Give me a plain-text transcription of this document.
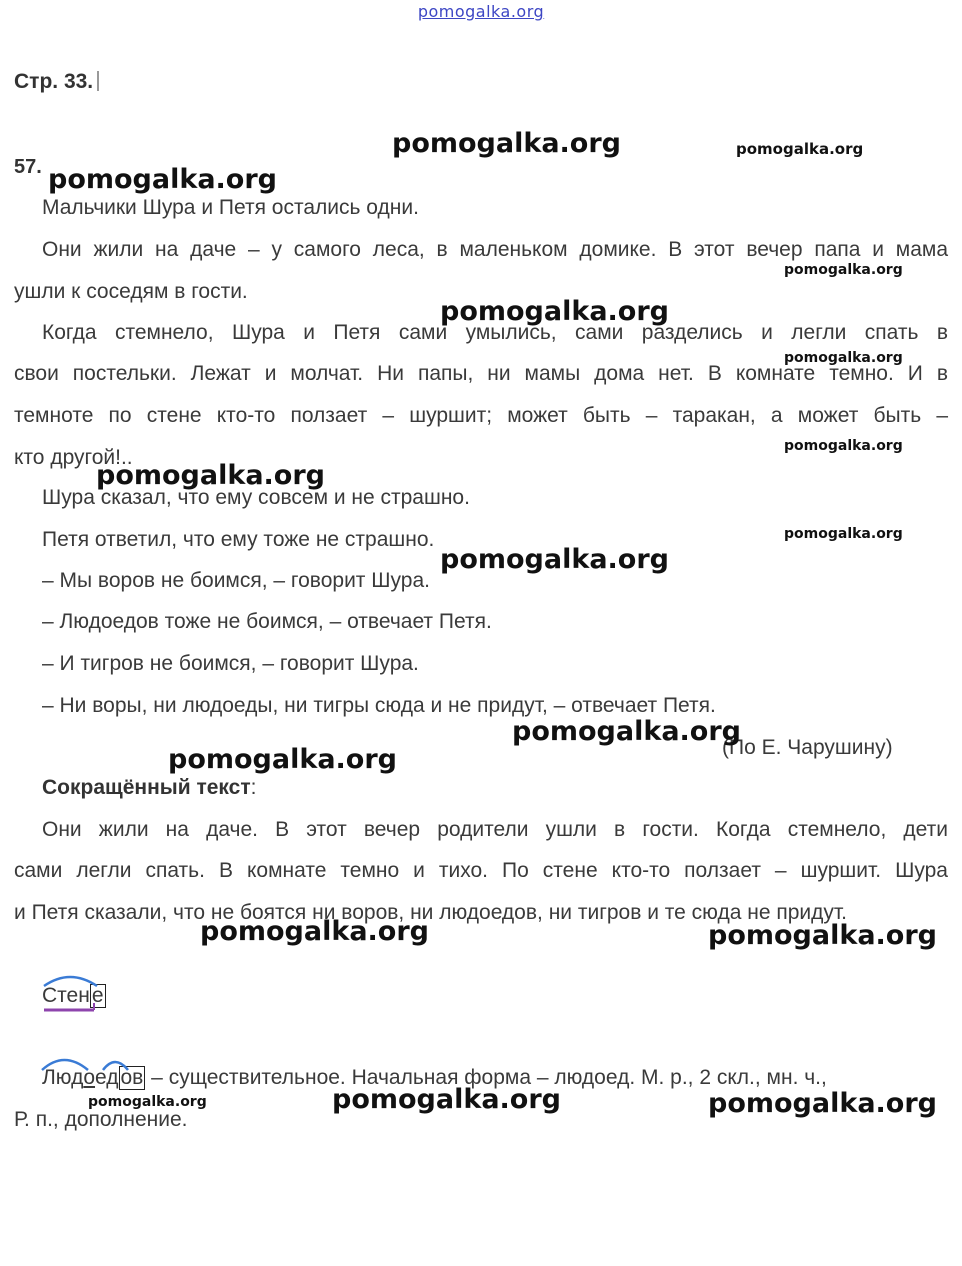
pomogalka.org
Стр. 33.
57.
Мальчики Шура и Петя остались одни.
Они жили на даче – у самого леса, в маленьком домике. В этот вечер папа и мама
ушли к соседям в гости.
Когда стемнело, Шура и Петя сами умылись, сами разделись и легли спать в
свои постельки. Лежат и молчат. Ни папы, ни мамы дома нет. В комнате темно. И в
темноте по стене кто-то ползает – шуршит; может быть – таракан, а может быть –
кто другой!..
Шура сказал, что ему совсем и не страшно.
Петя ответил, что ему тоже не страшно.
– Мы воров не боимся, – говорит Шура.
– Людоедов тоже не боимся, – отвечает Петя.
– И тигров не боимся, – говорит Шура.
– Ни воры, ни людоеды, ни тигры сюда и не придут, – отвечает Петя.
(По Е. Чарушину)
Сокращённый текст:
Они жили на даче. В этот вечер родители ушли в гости. Когда стемнело, дети
сами легли спать. В комнате темно и тихо. По стене кто-то ползает – шуршит. Шура
и Петя сказали, что не боятся ни воров, ни людоедов, ни тигров и те сюда не придут.
Стене
Людоедов – существительное. Начальная форма – людоед. М. р., 2 скл., мн. ч.,
Р. п., дополнение.
pomogalka.org	pomogalka.org
pomogalka.org
pomogalka.org
pomogalka.org
pomogalka.org
pomogalka.org
pomogalka.org
pomogalka.org
pomogalka.org
pomogalka.org
pomogalka.org
pomogalka.org	pomogalka.org
pomogalka.org	pomogalka.org	pomogalka.org
